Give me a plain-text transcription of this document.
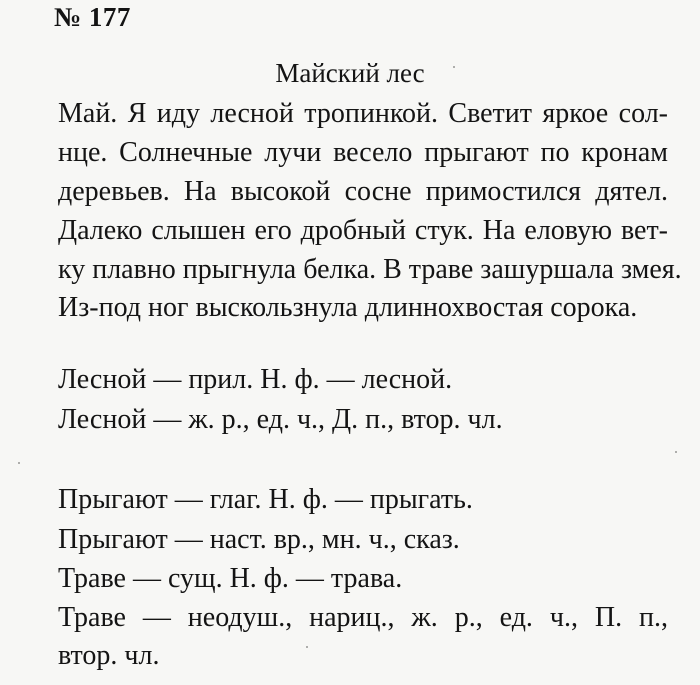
№ 177
Майский лес
Май. Я иду лесной тропинкой. Светит яркое сол-
нце. Солнечные лучи весело прыгают по кронам
деревьев. На высокой сосне примостился дятел.
Далеко слышен его дробный стук. На еловую вет-
ку плавно прыгнула белка. В траве зашуршала змея.
Из-под ног выскользнула длиннохвостая сорока.
Лесной — прил. Н. ф. — лесной.
Лесной — ж. р., ед. ч., Д. п., втор. чл.
Прыгают — глаг. Н. ф. — прыгать.
Прыгают — наст. вр., мн. ч., сказ.
Траве — сущ. Н. ф. — трава.
Траве — неодуш., нариц., ж. р., ед. ч., П. п.,
втор. чл.
